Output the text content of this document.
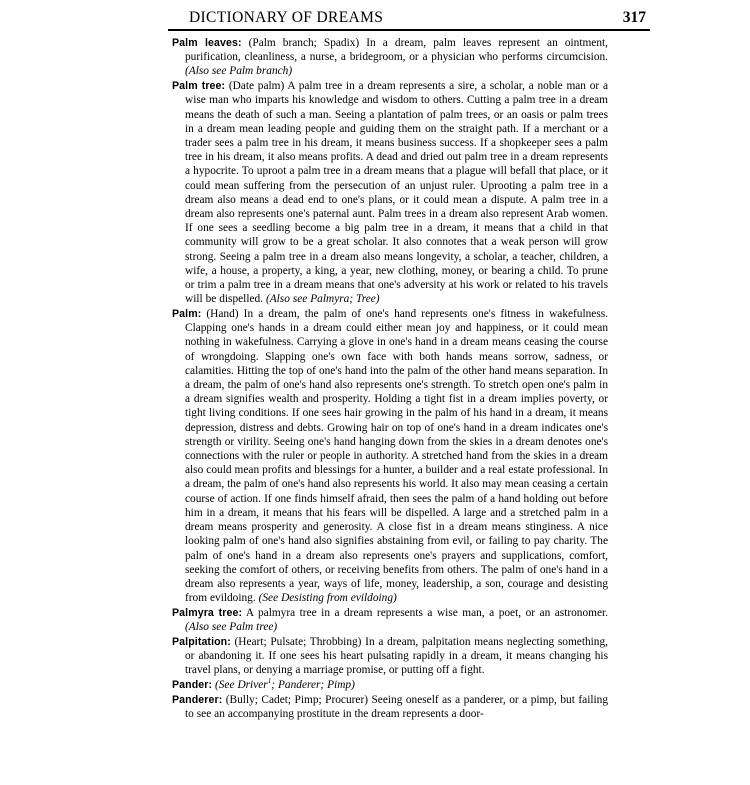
DICTIONARY OF DREAMS	317

Palm leaves: (Palm branch; Spadix) In a dream, palm leaves represent an ointment, purification, cleanliness, a nurse, a bridegroom, or a physician who performs circumcision. (Also see Palm branch)

Palm tree: (Date palm) A palm tree in a dream represents a sire, a scholar, a noble man or a wise man who imparts his knowledge and wisdom to others. Cutting a palm tree in a dream means the death of such a man. Seeing a plantation of palm trees, or an oasis or palm trees in a dream mean leading people and guiding them on the straight path. If a merchant or a trader sees a palm tree in his dream, it means business success. If a shopkeeper sees a palm tree in his dream, it also means profits. A dead and dried out palm tree in a dream represents a hypocrite. To uproot a palm tree in a dream means that a plague will befall that place, or it could mean suffering from the persecution of an unjust ruler. Uprooting a palm tree in a dream also means a dead end to one's plans, or it could mean a dispute. A palm tree in a dream also represents one's paternal aunt. Palm trees in a dream also represent Arab women. If one sees a seedling become a big palm tree in a dream, it means that a child in that community will grow to be a great scholar. It also connotes that a weak person will grow strong. Seeing a palm tree in a dream also means longevity, a scholar, a teacher, children, a wife, a house, a property, a king, a year, new clothing, money, or bearing a child. To prune or trim a palm tree in a dream means that one's adversity at his work or related to his travels will be dispelled. (Also see Palmyra; Tree)

Palm: (Hand) In a dream, the palm of one's hand represents one's fitness in wakefulness. Clapping one's hands in a dream could either mean joy and happiness, or it could mean nothing in wakefulness. Carrying a glove in one's hand in a dream means ceasing the course of wrongdoing. Slapping one's own face with both hands means sorrow, sadness, or calamities. Hitting the top of one's hand into the palm of the other hand means separation. In a dream, the palm of one's hand also represents one's strength. To stretch open one's palm in a dream signifies wealth and prosperity. Holding a tight fist in a dream implies poverty, or tight living conditions. If one sees hair growing in the palm of his hand in a dream, it means depression, distress and debts. Growing hair on top of one's hand in a dream indicates one's strength or virility. Seeing one's hand hanging down from the skies in a dream denotes one's connections with the ruler or people in authority. A stretched hand from the skies in a dream also could mean profits and blessings for a hunter, a builder and a real estate professional. In a dream, the palm of one's hand also represents his world. It also may mean ceasing a certain course of action. If one finds himself afraid, then sees the palm of a hand holding out before him in a dream, it means that his fears will be dispelled. A large and a stretched palm in a dream means prosperity and generosity. A close fist in a dream means stinginess. A nice looking palm of one's hand also signifies abstaining from evil, or failing to pay charity. The palm of one's hand in a dream also represents one's prayers and supplications, comfort, seeking the comfort of others, or receiving benefits from others. The palm of one's hand in a dream also represents a year, ways of life, money, leadership, a son, courage and desisting from evildoing. (See Desisting from evildoing)

Palmyra tree: A palmyra tree in a dream represents a wise man, a poet, or an astronomer. (Also see Palm tree)

Palpitation: (Heart; Pulsate; Throbbing) In a dream, palpitation means neglecting something, or abandoning it. If one sees his heart pulsating rapidly in a dream, it means changing his travel plans, or denying a marriage promise, or putting off a fight.

Pander: (See Driver$^1$; Panderer; Pimp)

Panderer: (Bully; Cadet; Pimp; Procurer) Seeing oneself as a panderer, or a pimp, but failing to see an accompanying prostitute in the dream represents a door-
